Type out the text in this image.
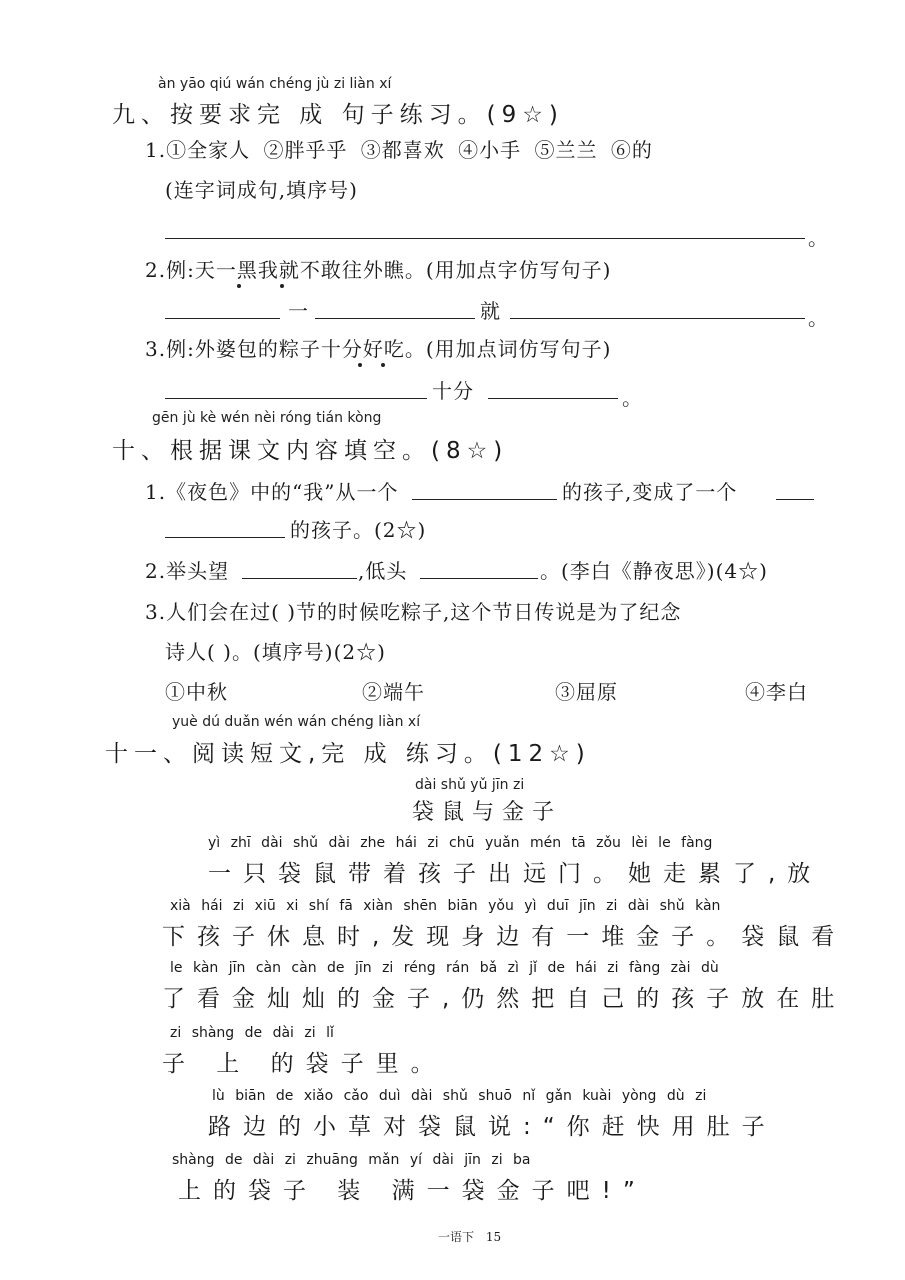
àn yāo qiú wán chéng jù zi liàn xí
九、按要求完 成 句子练习。(9☆)
1.①全家人 ②胖乎乎 ③都喜欢 ④小手 ⑤兰兰 ⑥的
(连字词成句,填序号)
。
2.例:天一黑我就不敢往外瞧。(用加点字仿写句子)
一	就	。
3.例:外婆包的粽子十分好吃。(用加点词仿写句子)
十分	。
gēn jù kè wén nèi róng tián kòng
十、根据课文内容填空。(8☆)
1.《夜色》中的“我”从一个	的孩子,变成了一个
的孩子。(2☆)
2.举头望	,低头	。(李白《静夜思》)(4☆)
3.人们会在过( )节的时候吃粽子,这个节日传说是为了纪念
诗人( )。(填序号)(2☆)
①中秋	②端午	③屈原	④李白
yuè dú duǎn wén wán chéng liàn xí
十一、阅读短文,完 成 练习。(12☆)
dài shǔ yǔ jīn zi
袋鼠与金子
yì zhī dài shǔ dài zhe hái zi chū yuǎn mén tā zǒu lèi le fàng
一只袋鼠带着孩子出远门。她走累了,放
xià hái zi xiū xi shí fā xiàn shēn biān yǒu yì duī jīn zi dài shǔ kàn
下孩子休息时,发现身边有一堆金子。袋鼠看
le kàn jīn càn càn de jīn zi réng rán bǎ zì jǐ de hái zi fàng zài dù
了看金灿灿的金子,仍然把自己的孩子放在肚
zi shàng de dài zi lǐ
子 上 的袋子里。
lù biān de xiǎo cǎo duì dài shǔ shuō nǐ gǎn kuài yòng dù zi
路边的小草对袋鼠说:“你赶快用肚子
shàng de dài zi zhuāng mǎn yí dài jīn zi ba
上的袋子 装 满一袋金子吧!”
一语下 15
